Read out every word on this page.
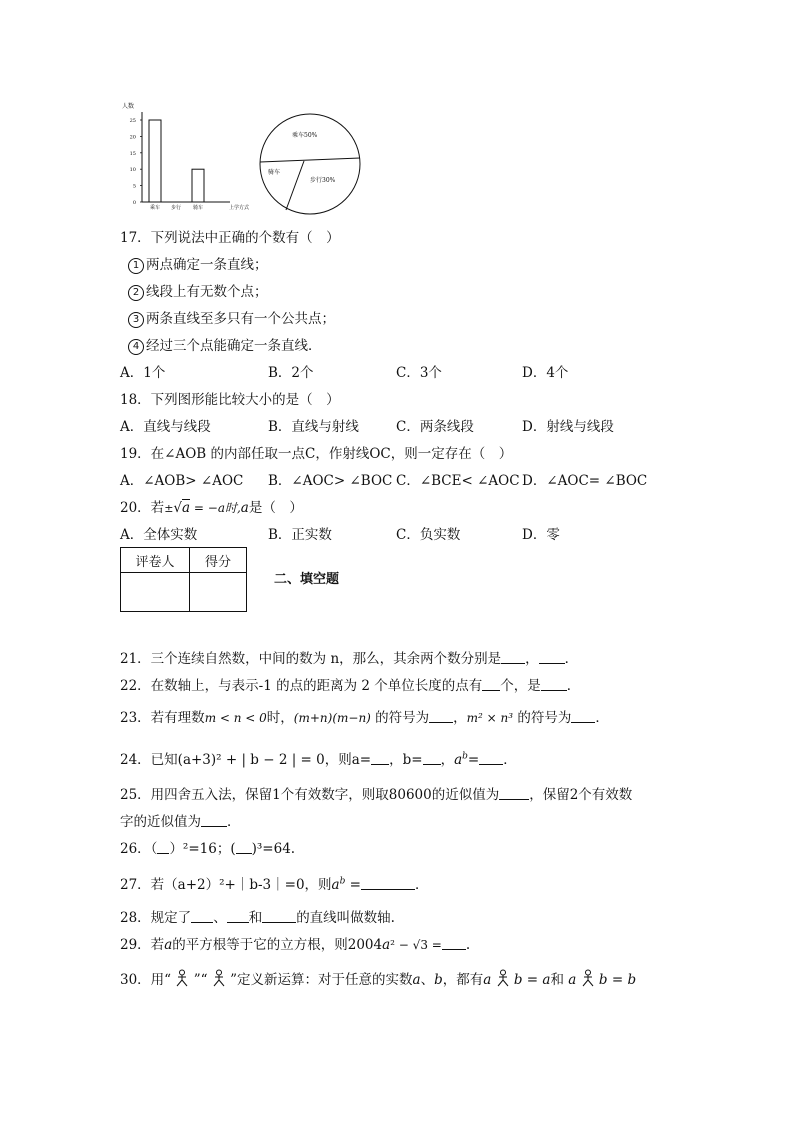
人数
25
20
15
10
5
0
乘车 步行 骑车	上学方式
乘车50%
骑车
步行30%
17．下列说法中正确的个数有（　）
1 两点确定一条直线；
2 线段上有无数个点；
3 两条直线至多只有一个公共点；
4 经过三个点能确定一条直线．
A．1个	B．2个	C．3个	D．4个
18．下列图形能比较大小的是（　）
A．直线与线段	B．直线与射线	C．两条线段	D．射线与线段
19．在∠AOB 的内部任取一点C，作射线OC，则一定存在（　）
A．∠AOB> ∠AOC B．∠AOC> ∠BOC C．∠BCE< ∠AOC D．∠AOC= ∠BOC
20．若±√a = −a时,a是（　）
A．全体实数	B．正实数	C．负实数	D．零
评卷人	得分

二、填空题
21．三个连续自然数，中间的数为 n，那么，其余两个数分别是 ， ．
22．在数轴上，与表示-1 的点的距离为 2 个单位长度的点有 个，是 ．
23．若有理数m < n < 0时，(m+n)(m−n) 的符号为 ，m² × n³ 的符号为 ．
24．已知(a+3)² + | b − 2 | = 0，则a= ，b= ，$a^b=$ ．
25．用四舍五入法，保留1个有效数字，则取80600的近似值为 ，保留2个有效数
字的近似值为 ．
26．（ ）²=16；( )³=64.
27．若（a+2）²+｜b-3｜=0，则$a^b$ =	．
28．规定了 、 和	的直线叫做数轴.
29．若a的平方根等于它的立方根，则2004a² − √3 = .
30．用“ ”“ ”定义新运算：对于任意的实数a、b，都有a b = a和 a b = b
